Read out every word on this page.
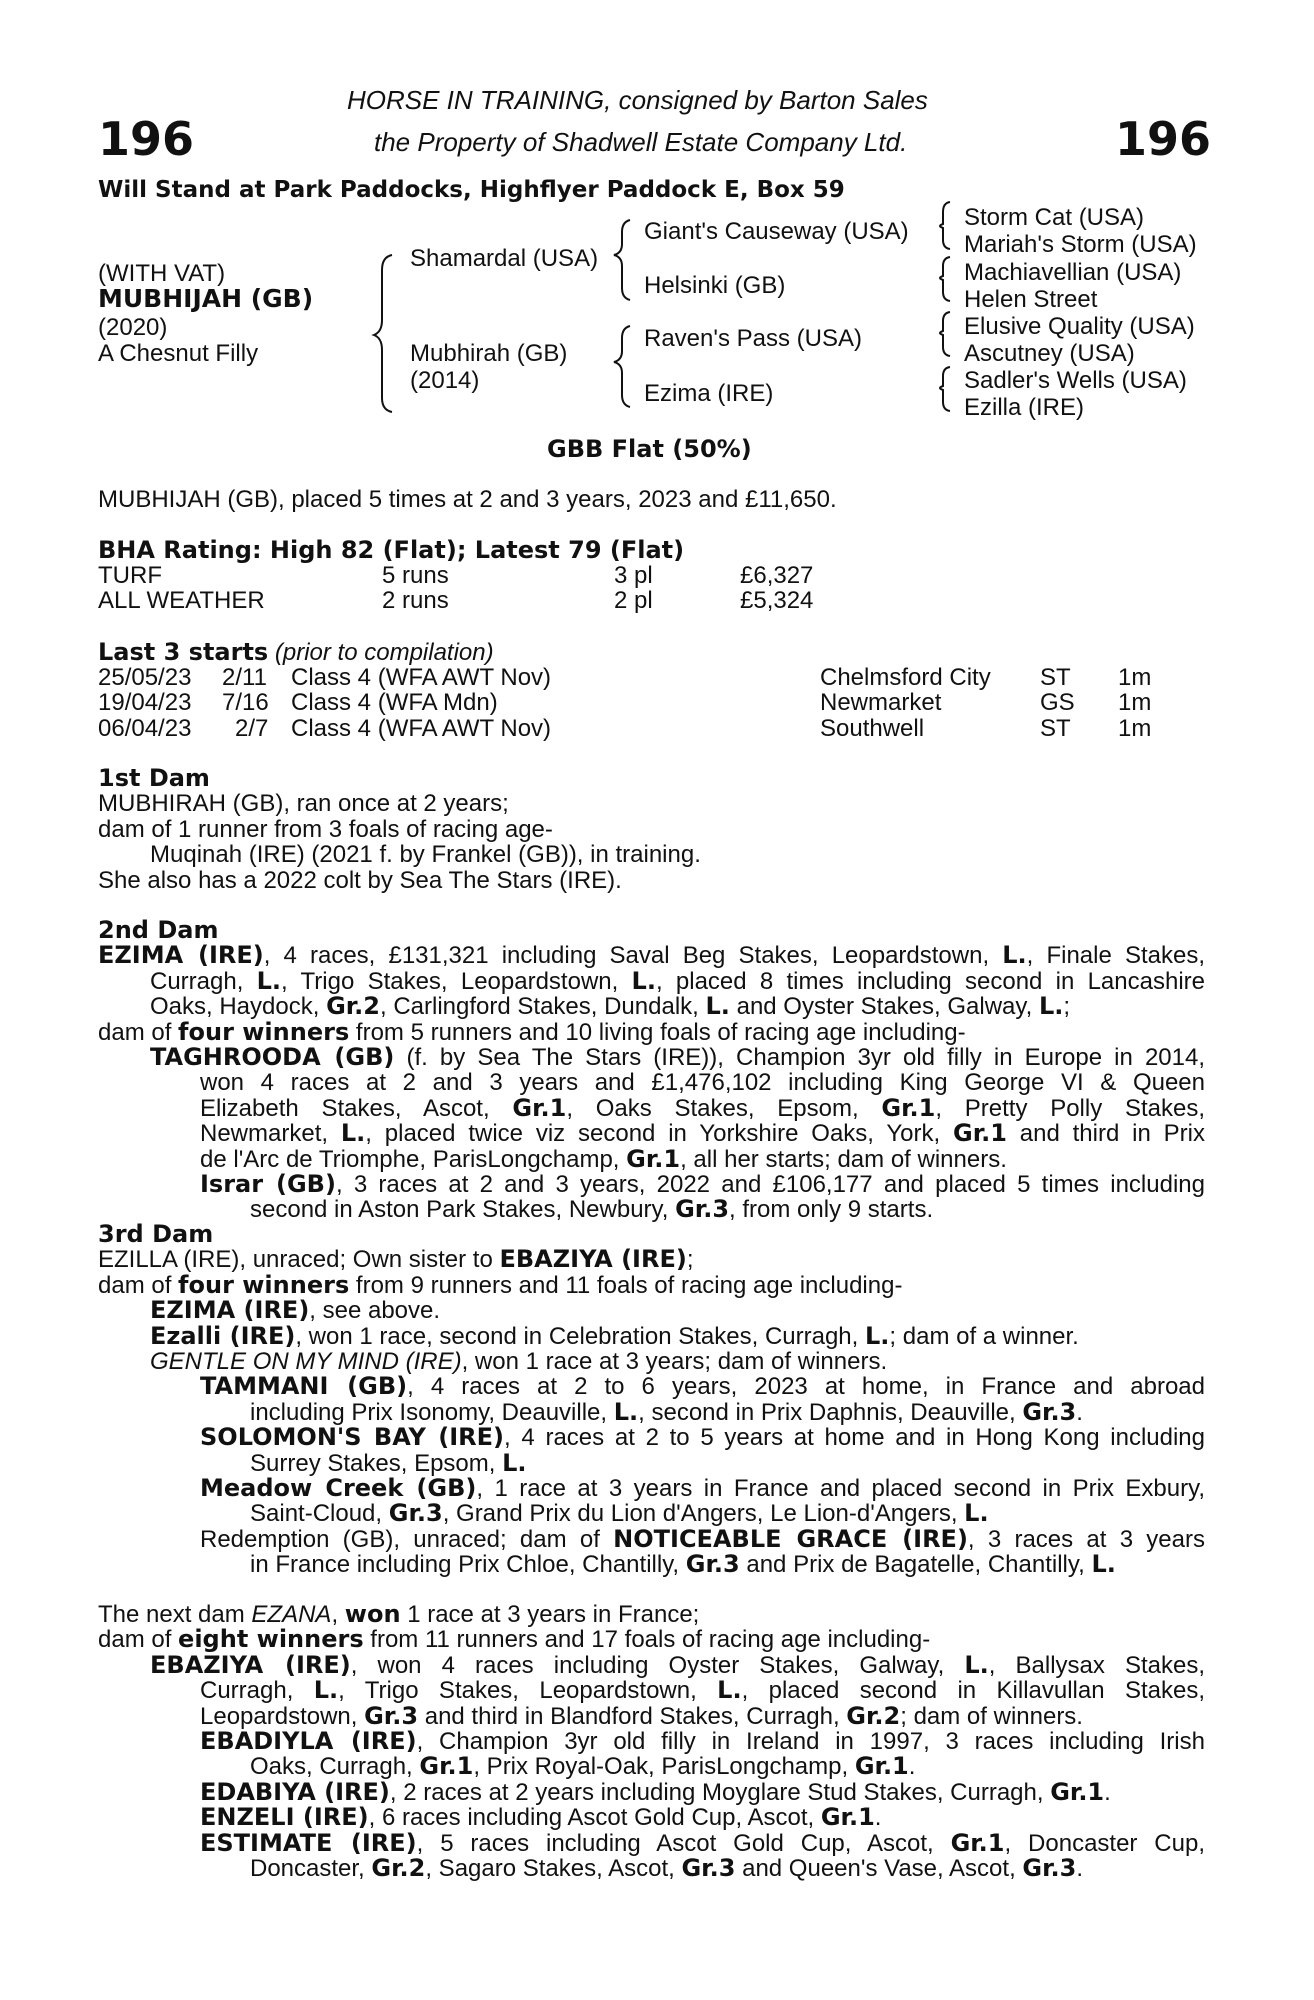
196	196
HORSE IN TRAINING, consigned by Barton Sales
the Property of Shadwell Estate Company Ltd.
Will Stand at Park Paddocks, Highflyer Paddock E, Box 59
(WITH VAT)
MUBHIJAH (GB)
(2020)
A Chesnut Filly
Shamardal (USA)
Mubhirah (GB)
(2014)
Giant's Causeway (USA)
Helsinki (GB)
Raven's Pass (USA)
Ezima (IRE)
Storm Cat (USA)
Mariah's Storm (USA)
Machiavellian (USA)
Helen Street
Elusive Quality (USA)
Ascutney (USA)
Sadler's Wells (USA)
Ezilla (IRE)
GBB Flat (50%)
MUBHIJAH (GB), placed 5 times at 2 and 3 years, 2023 and £11,650.
BHA Rating: High 82 (Flat); Latest 79 (Flat)
TURF	5 runs	3 pl	£6,327
ALL WEATHER	2 runs	2 pl	£5,324
Last 3 starts (prior to compilation)
25/05/23 2/11 Class 4 (WFA AWT Nov)	Chelmsford City ST 1m
19/04/23 7/16 Class 4 (WFA Mdn)	Newmarket	GS 1m
06/04/23 2/7 Class 4 (WFA AWT Nov)	Southwell	ST 1m
1st Dam
MUBHIRAH (GB), ran once at 2 years;
dam of 1 runner from 3 foals of racing age-
Muqinah (IRE) (2021 f. by Frankel (GB)), in training.
She also has a 2022 colt by Sea The Stars (IRE).
2nd Dam
EZIMA (IRE), 4 races, £131,321 including Saval Beg Stakes, Leopardstown, L., Finale Stakes,
Curragh, L., Trigo Stakes, Leopardstown, L., placed 8 times including second in Lancashire
Oaks, Haydock, Gr.2, Carlingford Stakes, Dundalk, L. and Oyster Stakes, Galway, L.;
dam of four winners from 5 runners and 10 living foals of racing age including-
TAGHROODA (GB) (f. by Sea The Stars (IRE)), Champion 3yr old filly in Europe in 2014,
won 4 races at 2 and 3 years and £1,476,102 including King George VI & Queen
Elizabeth Stakes, Ascot, Gr.1, Oaks Stakes, Epsom, Gr.1, Pretty Polly Stakes,
Newmarket, L., placed twice viz second in Yorkshire Oaks, York, Gr.1 and third in Prix
de l'Arc de Triomphe, ParisLongchamp, Gr.1, all her starts; dam of winners.
Israr (GB), 3 races at 2 and 3 years, 2022 and £106,177 and placed 5 times including
second in Aston Park Stakes, Newbury, Gr.3, from only 9 starts.
3rd Dam
EZILLA (IRE), unraced; Own sister to EBAZIYA (IRE);
dam of four winners from 9 runners and 11 foals of racing age including-
EZIMA (IRE), see above.
Ezalli (IRE), won 1 race, second in Celebration Stakes, Curragh, L.; dam of a winner.
GENTLE ON MY MIND (IRE), won 1 race at 3 years; dam of winners.
TAMMANI (GB), 4 races at 2 to 6 years, 2023 at home, in France and abroad
including Prix Isonomy, Deauville, L., second in Prix Daphnis, Deauville, Gr.3.
SOLOMON'S BAY (IRE), 4 races at 2 to 5 years at home and in Hong Kong including
Surrey Stakes, Epsom, L.
Meadow Creek (GB), 1 race at 3 years in France and placed second in Prix Exbury,
Saint-Cloud, Gr.3, Grand Prix du Lion d'Angers, Le Lion-d'Angers, L.
Redemption (GB), unraced; dam of NOTICEABLE GRACE (IRE), 3 races at 3 years
in France including Prix Chloe, Chantilly, Gr.3 and Prix de Bagatelle, Chantilly, L.
The next dam EZANA, won 1 race at 3 years in France;
dam of eight winners from 11 runners and 17 foals of racing age including-
EBAZIYA (IRE), won 4 races including Oyster Stakes, Galway, L., Ballysax Stakes,
Curragh, L., Trigo Stakes, Leopardstown, L., placed second in Killavullan Stakes,
Leopardstown, Gr.3 and third in Blandford Stakes, Curragh, Gr.2; dam of winners.
EBADIYLA (IRE), Champion 3yr old filly in Ireland in 1997, 3 races including Irish
Oaks, Curragh, Gr.1, Prix Royal-Oak, ParisLongchamp, Gr.1.
EDABIYA (IRE), 2 races at 2 years including Moyglare Stud Stakes, Curragh, Gr.1.
ENZELI (IRE), 6 races including Ascot Gold Cup, Ascot, Gr.1.
ESTIMATE (IRE), 5 races including Ascot Gold Cup, Ascot, Gr.1, Doncaster Cup,
Doncaster, Gr.2, Sagaro Stakes, Ascot, Gr.3 and Queen's Vase, Ascot, Gr.3.
